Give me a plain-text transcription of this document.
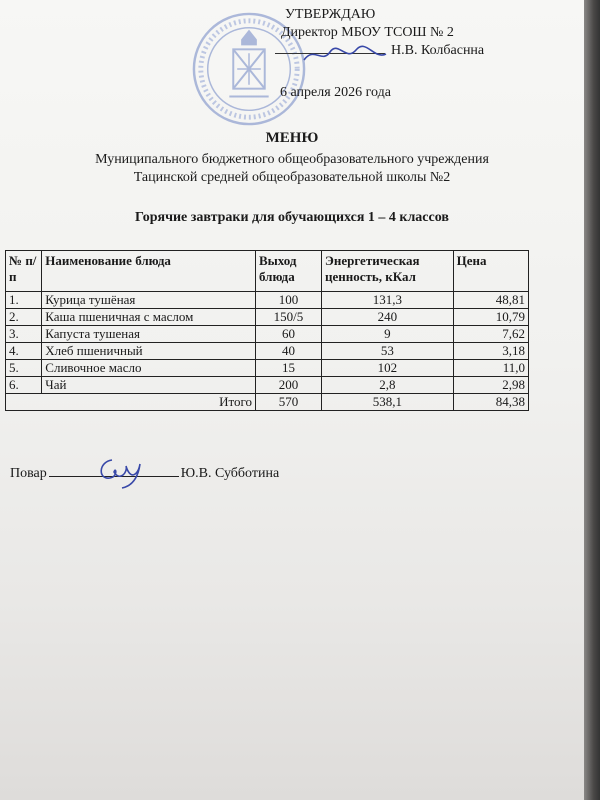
УТВЕРЖДАЮ
Директор МБОУ ТСОШ № 2
Н.В. Колбаснна
6 апреля 2026 года
МЕНЮ
Муниципального бюджетного общеобразовательного учреждения
Тацинской средней общеобразовательной школы №2
Горячие завтраки для обучающихся 1 – 4 классов
№ п/п	Наименование блюда	Выход блюда	Энергетическая ценность, кКал	Цена
1.	Курица тушёная	100	131,3	48,81
2.	Каша пшеничная с маслом	150/5	240	10,79
3.	Капуста тушеная	60	9	7,62
4.	Хлеб пшеничный	40	53	3,18
5.	Сливочное масло	15	102	11,0
6.	Чай	200	2,8	2,98
Итого		570	538,1	84,38
Повар	Ю.В. Субботина
